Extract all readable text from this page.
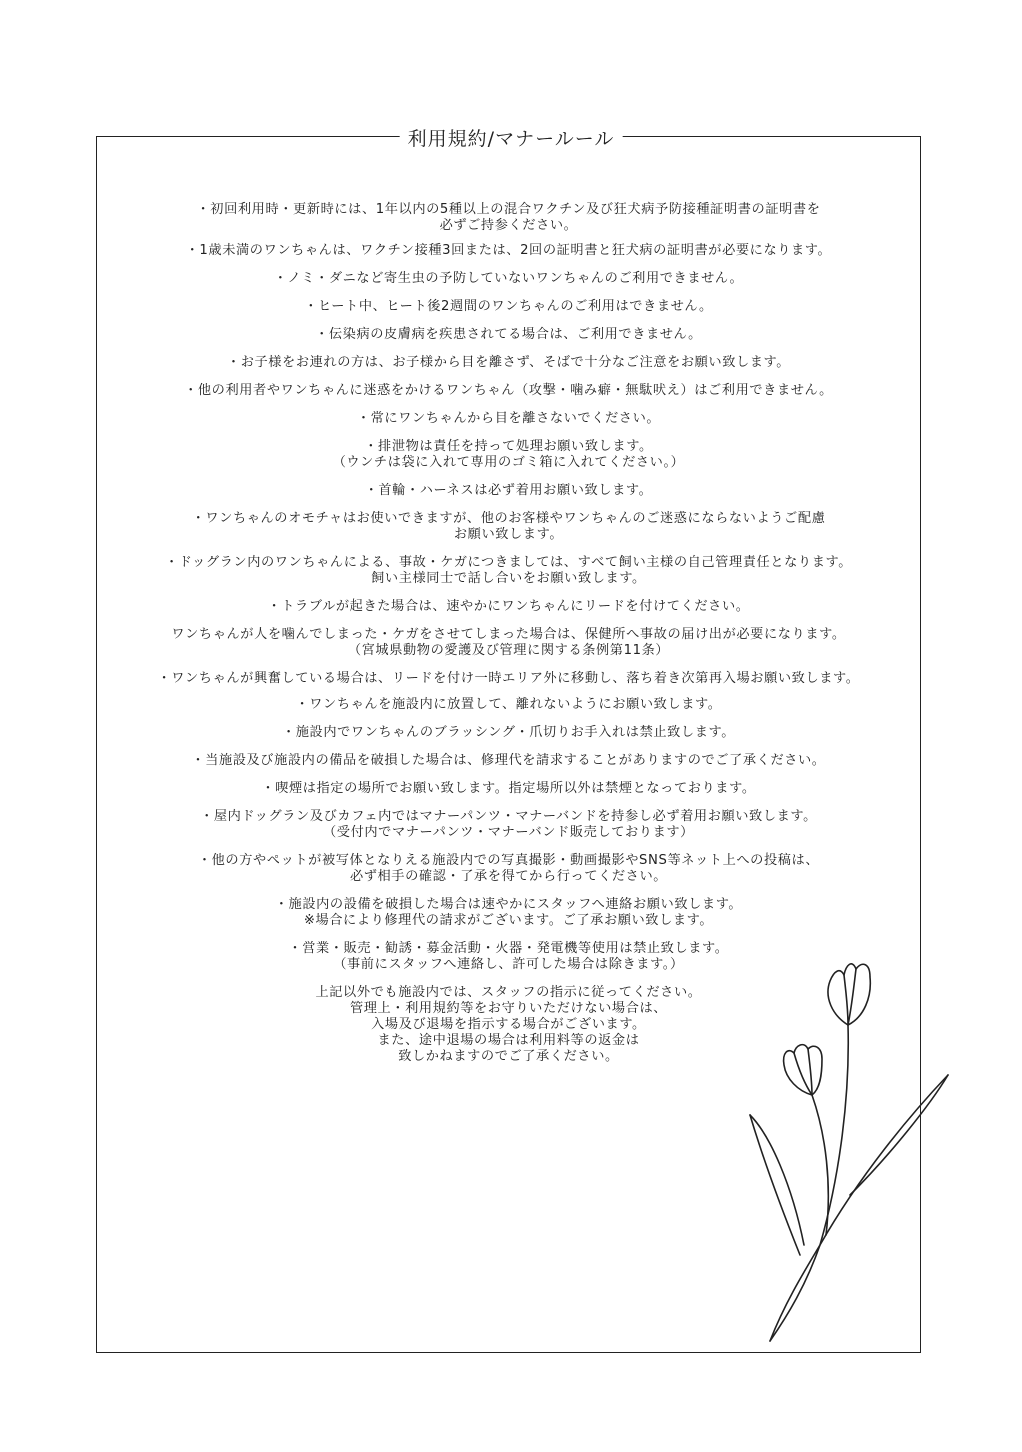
利用規約/マナールール
・初回利用時・更新時には、1年以内の5種以上の混合ワクチン及び狂犬病予防接種証明書の証明書を
必ずご持参ください。
・1歳未満のワンちゃんは、ワクチン接種3回または、2回の証明書と狂犬病の証明書が必要になります。
・ノミ・ダニなど寄生虫の予防していないワンちゃんのご利用できません。
・ヒート中、ヒート後2週間のワンちゃんのご利用はできません。
・伝染病の皮膚病を疾患されてる場合は、ご利用できません。
・お子様をお連れの方は、お子様から目を離さず、そばで十分なご注意をお願い致します。
・他の利用者やワンちゃんに迷惑をかけるワンちゃん（攻撃・噛み癖・無駄吠え）はご利用できません。
・常にワンちゃんから目を離さないでください。
・排泄物は責任を持って処理お願い致します。
（ウンチは袋に入れて専用のゴミ箱に入れてください。）
・首輪・ハーネスは必ず着用お願い致します。
・ワンちゃんのオモチャはお使いできますが、他のお客様やワンちゃんのご迷惑にならないようご配慮
お願い致します。
・ドッグラン内のワンちゃんによる、事故・ケガにつきましては、すべて飼い主様の自己管理責任となります。
飼い主様同士で話し合いをお願い致します。
・トラブルが起きた場合は、速やかにワンちゃんにリードを付けてください。
ワンちゃんが人を噛んでしまった・ケガをさせてしまった場合は、保健所へ事故の届け出が必要になります。
（宮城県動物の愛護及び管理に関する条例第11条）
・ワンちゃんが興奮している場合は、リードを付け一時エリア外に移動し、落ち着き次第再入場お願い致します。
・ワンちゃんを施設内に放置して、離れないようにお願い致します。
・施設内でワンちゃんのブラッシング・爪切りお手入れは禁止致します。
・当施設及び施設内の備品を破損した場合は、修理代を請求することがありますのでご了承ください。
・喫煙は指定の場所でお願い致します。指定場所以外は禁煙となっております。
・屋内ドッグラン及びカフェ内ではマナーパンツ・マナーバンドを持参し必ず着用お願い致します。
（受付内でマナーパンツ・マナーバンド販売しております）
・他の方やペットが被写体となりえる施設内での写真撮影・動画撮影やSNS等ネット上への投稿は、
必ず相手の確認・了承を得てから行ってください。
・施設内の設備を破損した場合は速やかにスタッフへ連絡お願い致します。
※場合により修理代の請求がございます。ご了承お願い致します。
・営業・販売・勧誘・募金活動・火器・発電機等使用は禁止致します。
（事前にスタッフへ連絡し、許可した場合は除きます。）
上記以外でも施設内では、スタッフの指示に従ってください。
管理上・利用規約等をお守りいただけない場合は、
入場及び退場を指示する場合がございます。
また、途中退場の場合は利用料等の返金は
致しかねますのでご了承ください。
